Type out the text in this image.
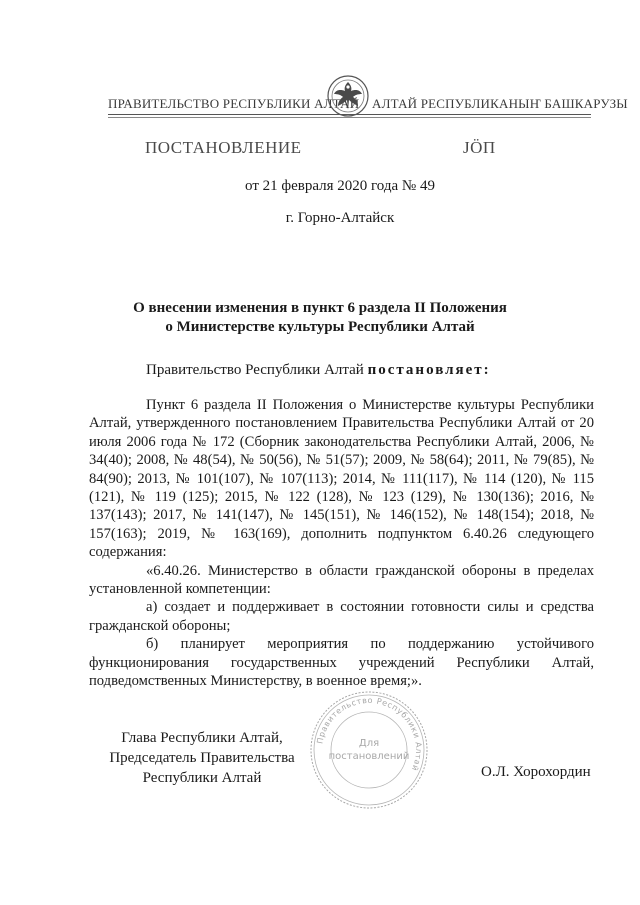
ПРАВИТЕЛЬСТВО РЕСПУБЛИКИ АЛТАЙ АЛТАЙ РЕСПУБЛИКАНЫҤ БАШКАРУЗЫ
ПОСТАНОВЛЕНИЕ	ЈӦП
от 21 февраля 2020 года № 49
г. Горно-Алтайск
О внесении изменения в пункт 6 раздела II Положения
о Министерстве культуры Республики Алтай
Правительство Республики Алтай постановляет:

Пункт 6 раздела II Положения о Министерстве культуры Республики Алтай, утвержденного постановлением Правительства Республики Алтай от 20 июля 2006 года № 172 (Сборник законодательства Республики Алтай, 2006, № 34(40); 2008, № 48(54), № 50(56), № 51(57); 2009, № 58(64); 2011, № 79(85), № 84(90); 2013, № 101(107), № 107(113); 2014, № 111(117), № 114 (120), № 115 (121), № 119 (125); 2015, № 122 (128), № 123 (129), № 130(136); 2016, № 137(143); 2017, № 141(147), № 145(151), № 146(152), № 148(154); 2018, № 157(163); 2019, № 163(169), дополнить подпунктом 6.40.26 следующего содержания:

«6.40.26. Министерство в области гражданской обороны в пределах установленной компетенции:

а) создает и поддерживает в состоянии готовности силы и средства гражданской обороны;

б) планирует мероприятия по поддержанию устойчивого функционирования государственных учреждений Республики Алтай, подведомственных Министерству, в военное время;».

Глава Республики Алтай,
Председатель Правительства
Республики Алтай
Правительство Республики Алтай
Для
постановлений
О.Л. Хорохордин
